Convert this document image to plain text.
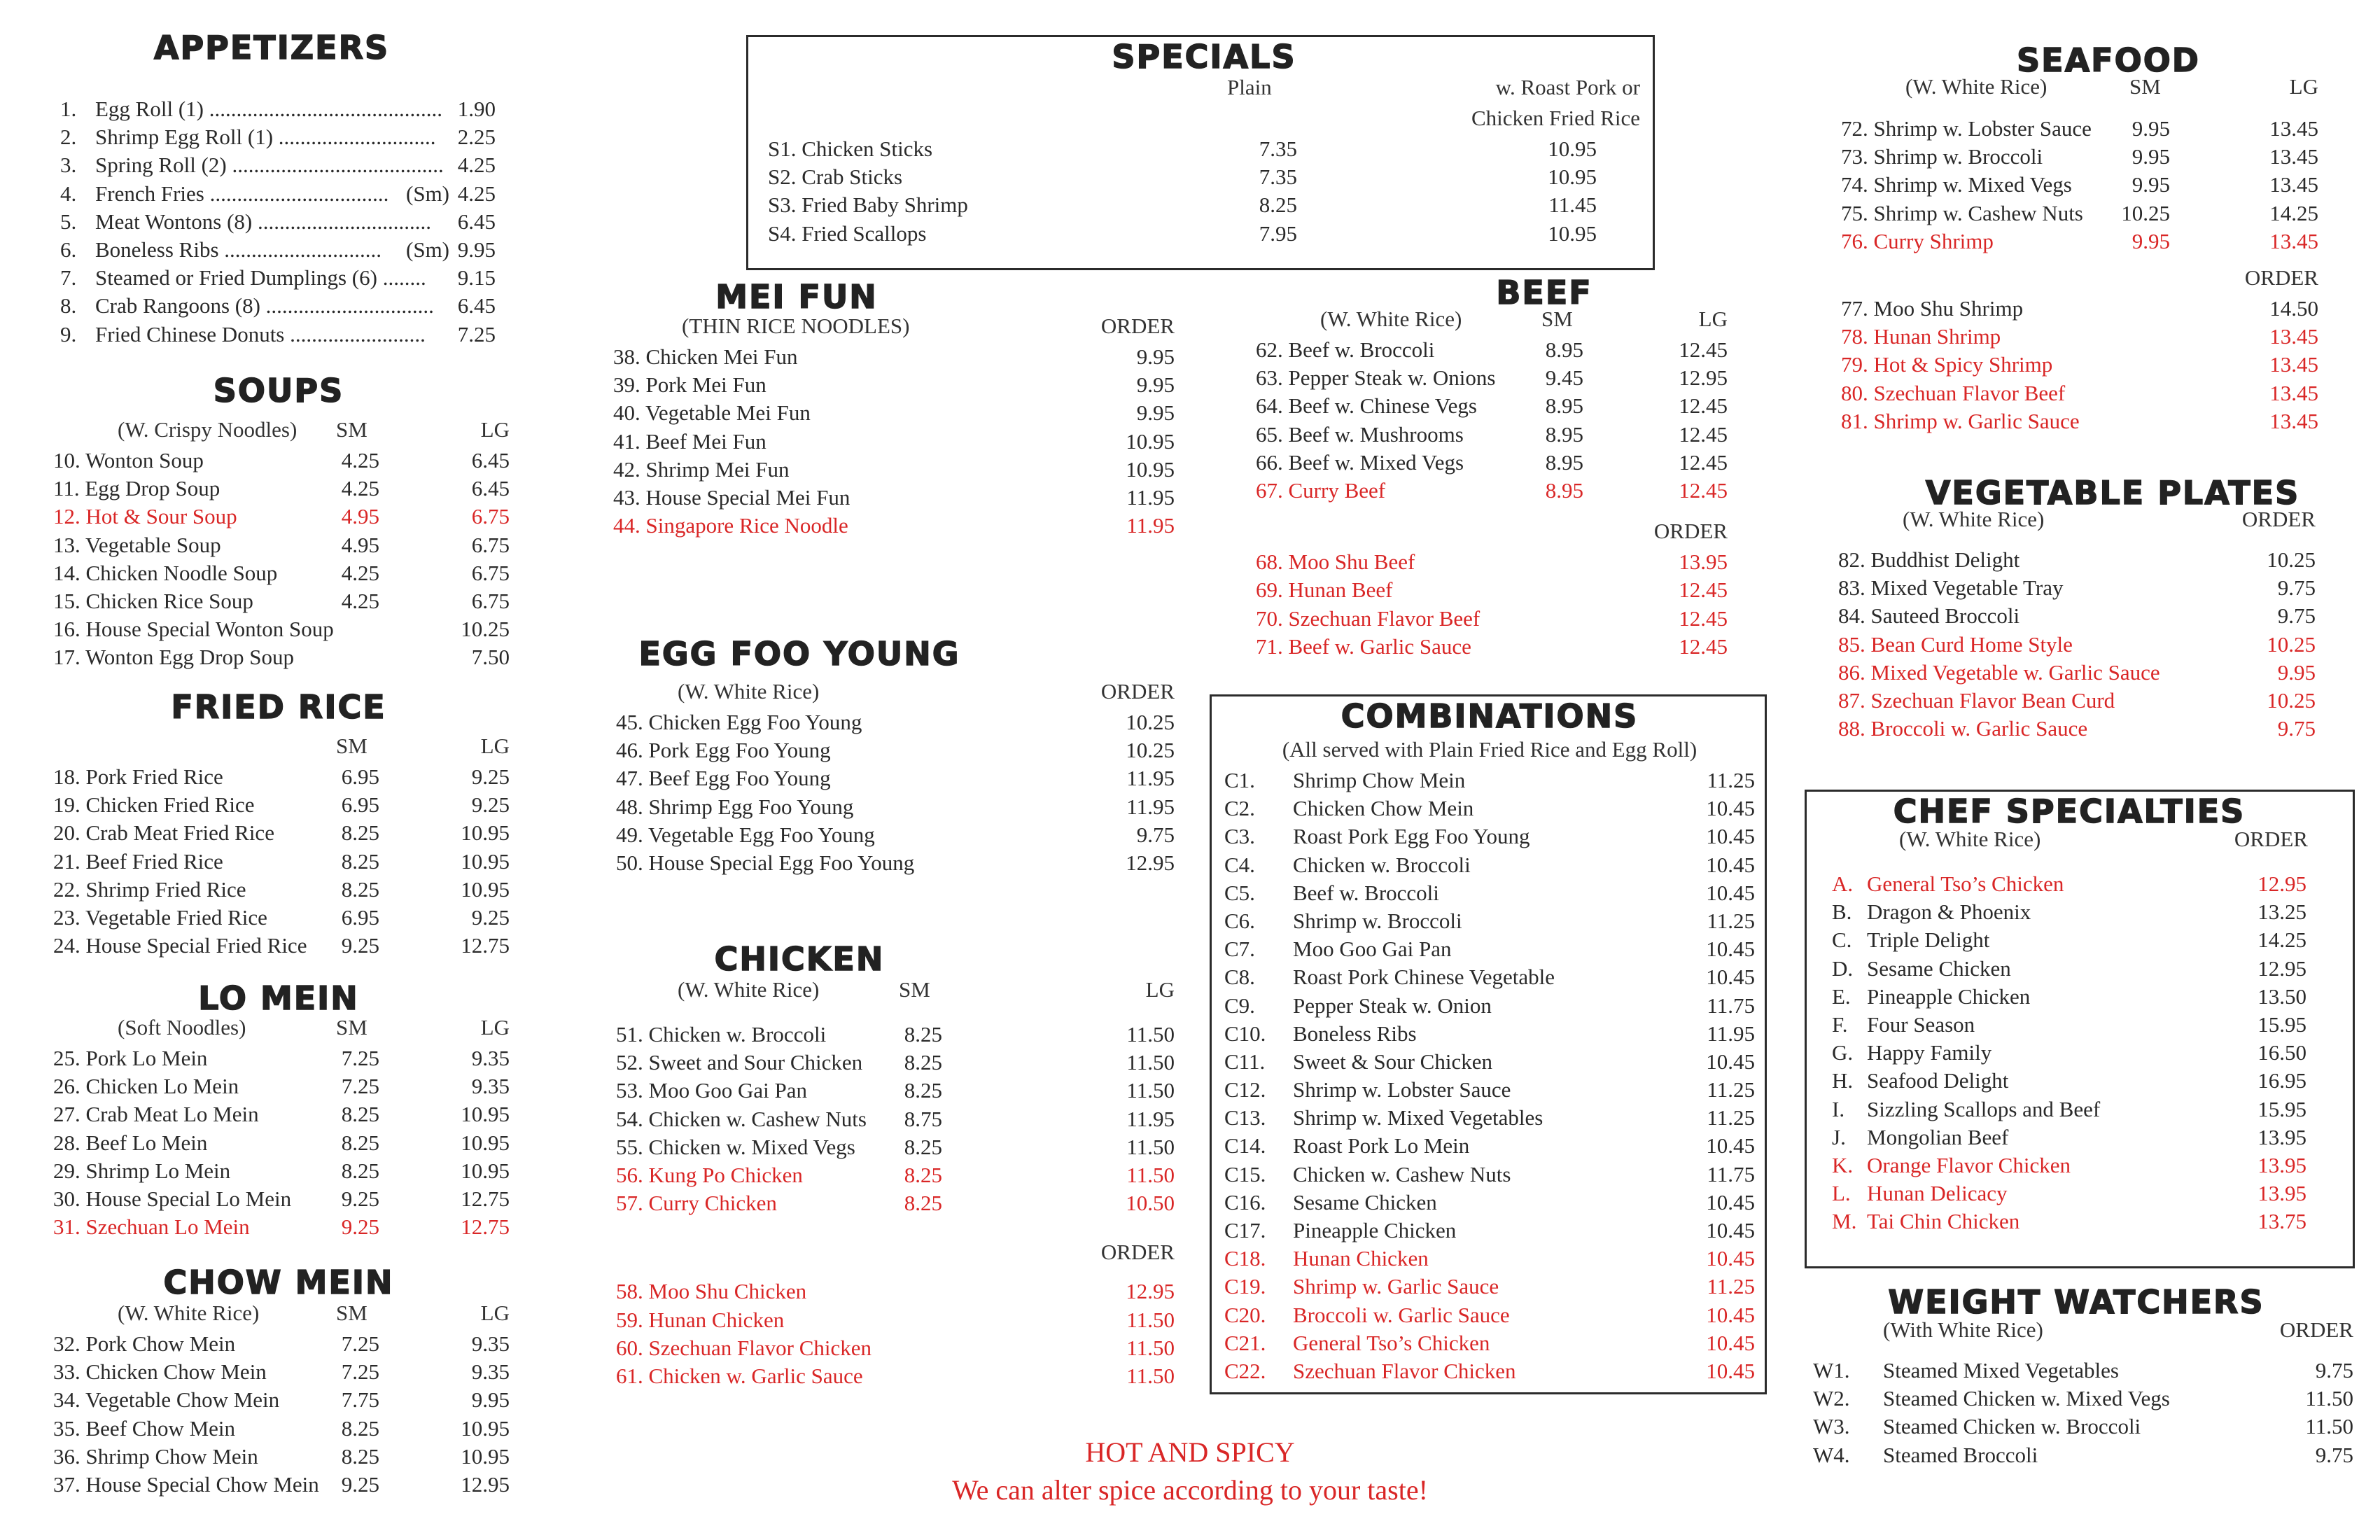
APPETIZERS
1. Egg Roll (1) ........................................... 1.90
2. Shrimp Egg Roll (1) ............................. 2.25
3. Spring Roll (2) ....................................... 4.25
4. French Fries ................................. (Sm) 4.25
5. Meat Wontons (8) ................................ 6.45
6. Boneless Ribs ............................. (Sm) 9.95
7. Steamed or Fried Dumplings (6) ........ 9.15
8. Crab Rangoons (8) ............................... 6.45
9. Fried Chinese Donuts ......................... 7.25
SOUPS
(W. Crispy Noodles) SM	LG
10. Wonton Soup	4.25	6.45
11. Egg Drop Soup	4.25	6.45
12. Hot & Sour Soup	4.95	6.75
13. Vegetable Soup	4.95	6.75
14. Chicken Noodle Soup	4.25	6.75
15. Chicken Rice Soup	4.25	6.75
16. House Special Wonton Soup	10.25
17. Wonton Egg Drop Soup	7.50
FRIED RICE
SM	LG
18. Pork Fried Rice	6.95	9.25
19. Chicken Fried Rice	6.95	9.25
20. Crab Meat Fried Rice	8.25	10.95
21. Beef Fried Rice	8.25	10.95
22. Shrimp Fried Rice	8.25	10.95
23. Vegetable Fried Rice	6.95	9.25
24. House Special Fried Rice 9.25	12.75
LO MEIN
(Soft Noodles)	SM	LG
25. Pork Lo Mein	7.25	9.35
26. Chicken Lo Mein	7.25	9.35
27. Crab Meat Lo Mein	8.25	10.95
28. Beef Lo Mein	8.25	10.95
29. Shrimp Lo Mein	8.25	10.95
30. House Special Lo Mein 9.25	12.75
31. Szechuan Lo Mein	9.25	12.75
CHOW MEIN
(W. White Rice)	SM	LG
32. Pork Chow Mein	7.25	9.35
33. Chicken Chow Mein	7.25	9.35
34. Vegetable Chow Mein	7.75	9.95
35. Beef Chow Mein	8.25	10.95
36. Shrimp Chow Mein	8.25	10.95
37. House Special Chow Mein 9.25	12.95
SPECIALS
Plain	w. Roast Pork or
Chicken Fried Rice
S1. Chicken Sticks	7.35	10.95
S2. Crab Sticks	7.35	10.95
S3. Fried Baby Shrimp	8.25	11.45
S4. Fried Scallops	7.95	10.95
MEI FUN
(THIN RICE NOODLES)	ORDER
38. Chicken Mei Fun	9.95
39. Pork Mei Fun	9.95
40. Vegetable Mei Fun	9.95
41. Beef Mei Fun	10.95
42. Shrimp Mei Fun	10.95
43. House Special Mei Fun	11.95
44. Singapore Rice Noodle	11.95
EGG FOO YOUNG
(W. White Rice)	ORDER
45. Chicken Egg Foo Young	10.25
46. Pork Egg Foo Young	10.25
47. Beef Egg Foo Young	11.95
48. Shrimp Egg Foo Young	11.95
49. Vegetable Egg Foo Young	9.75
50. House Special Egg Foo Young	12.95
CHICKEN
(W. White Rice)	SM	LG
51. Chicken w. Broccoli	8.25	11.50
52. Sweet and Sour Chicken 8.25	11.50
53. Moo Goo Gai Pan	8.25	11.50
54. Chicken w. Cashew Nuts 8.75	11.95
55. Chicken w. Mixed Vegs 8.25	11.50
56. Kung Po Chicken	8.25	11.50
57. Curry Chicken	8.25	10.50
ORDER
58. Moo Shu Chicken	12.95
59. Hunan Chicken	11.50
60. Szechuan Flavor Chicken	11.50
61. Chicken w. Garlic Sauce	11.50
HOT AND SPICY
We can alter spice according to your taste!
BEEF
(W. White Rice)	SM	LG
62. Beef w. Broccoli	8.95	12.45
63. Pepper Steak w. Onions 9.45	12.95
64. Beef w. Chinese Vegs	8.95	12.45
65. Beef w. Mushrooms	8.95	12.45
66. Beef w. Mixed Vegs	8.95	12.45
67. Curry Beef	8.95	12.45
ORDER
68. Moo Shu Beef	13.95
69. Hunan Beef	12.45
70. Szechuan Flavor Beef	12.45
71. Beef w. Garlic Sauce	12.45
COMBINATIONS
(All served with Plain Fried Rice and Egg Roll)
C1. Shrimp Chow Mein	11.25
C2. Chicken Chow Mein	10.45
C3. Roast Pork Egg Foo Young	10.45
C4. Chicken w. Broccoli	10.45
C5. Beef w. Broccoli	10.45
C6. Shrimp w. Broccoli	11.25
C7. Moo Goo Gai Pan	10.45
C8. Roast Pork Chinese Vegetable	10.45
C9. Pepper Steak w. Onion	11.75
C10. Boneless Ribs	11.95
C11. Sweet & Sour Chicken	10.45
C12. Shrimp w. Lobster Sauce	11.25
C13. Shrimp w. Mixed Vegetables	11.25
C14. Roast Pork Lo Mein	10.45
C15. Chicken w. Cashew Nuts	11.75
C16. Sesame Chicken	10.45
C17. Pineapple Chicken	10.45
C18. Hunan Chicken	10.45
C19. Shrimp w. Garlic Sauce	11.25
C20. Broccoli w. Garlic Sauce	10.45
C21. General Tso’s Chicken	10.45
C22. Szechuan Flavor Chicken	10.45
SEAFOOD
(W. White Rice)	SM	LG
72. Shrimp w. Lobster Sauce 9.95	13.45
73. Shrimp w. Broccoli	9.95	13.45
74. Shrimp w. Mixed Vegs	9.95	13.45
75. Shrimp w. Cashew Nuts 10.25	14.25
76. Curry Shrimp	9.95	13.45
ORDER
77. Moo Shu Shrimp	14.50
78. Hunan Shrimp	13.45
79. Hot & Spicy Shrimp	13.45
80. Szechuan Flavor Beef	13.45
81. Shrimp w. Garlic Sauce	13.45
VEGETABLE PLATES
(W. White Rice)	ORDER
82. Buddhist Delight	10.25
83. Mixed Vegetable Tray	9.75
84. Sauteed Broccoli	9.75
85. Bean Curd Home Style	10.25
86. Mixed Vegetable w. Garlic Sauce	9.95
87. Szechuan Flavor Bean Curd	10.25
88. Broccoli w. Garlic Sauce	9.75
CHEF SPECIALTIES
(W. White Rice)	ORDER
A. General Tso’s Chicken	12.95
B. Dragon & Phoenix	13.25
C. Triple Delight	14.25
D. Sesame Chicken	12.95
E. Pineapple Chicken	13.50
F. Four Season	15.95
G. Happy Family	16.50
H. Seafood Delight	16.95
I. Sizzling Scallops and Beef	15.95
J. Mongolian Beef	13.95
K. Orange Flavor Chicken	13.95
L. Hunan Delicacy	13.95
M. Tai Chin Chicken	13.75
WEIGHT WATCHERS
(With White Rice)	ORDER
W1. Steamed Mixed Vegetables	9.75
W2. Steamed Chicken w. Mixed Vegs	11.50
W3. Steamed Chicken w. Broccoli	11.50
W4. Steamed Broccoli	9.75
